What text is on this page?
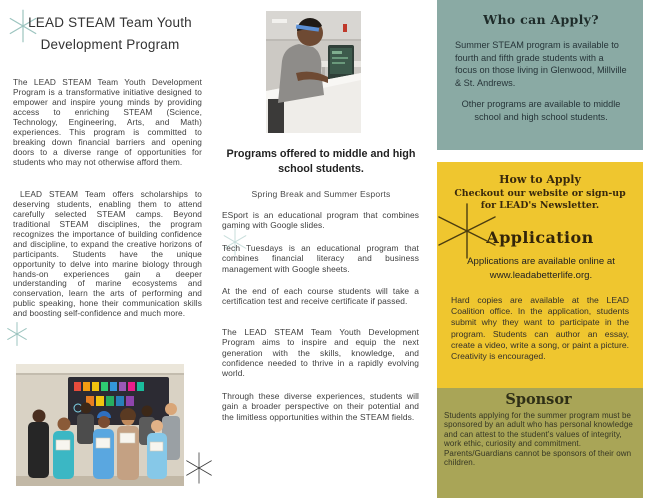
LEAD STEAM Team Youth
Development Program

The LEAD STEAM Team Youth Development Program is a transformative initiative designed to empower and inspire young minds by providing access to enriching STEAM (Science, Technology, Engineering, Arts, and Math) experiences. This program is committed to breaking down financial barriers and opening doors to a diverse range of opportunities for students who may not otherwise afford them.

LEAD STEAM Team offers scholarships to deserving students, enabling them to attend carefully selected STEAM camps. Beyond traditional STEAM disciplines, the program recognizes the importance of building confidence and discipline, to expand the creative horizons of participants. Students have the unique opportunity to delve into marine biology through hands-on experiences gain a deeper understanding of marine ecosystems and conservation, learn the arts of performing and public speaking, hone their communication skills and boosting self-confidence and much more.

Programs offered to middle and high school students.
Spring Break and Summer Esports

ESport is an educational program that combines gaming with Google slides.

Tech Tuesdays is an educational program that combines financial literacy and business management with Google sheets.

At the end of each course students will take a certification test and receive certificate if passed.

The LEAD STEAM Team Youth Development Program aims to inspire and equip the next generation with the skills, knowledge, and confidence needed to thrive in a rapidly evolving world.

Through these diverse experiences, students will gain a broader perspective on their potential and the limitless opportunities within the STEAM fields.

Who can Apply?
Summer STEAM program is available to fourth and fifth grade students with a focus on those living in Glenwood, Millville & St. Andrews.
Other programs are available to middle school and high school students.
How to Apply
Checkout our website or sign-up for LEAD's Newsletter.
Application
Applications are available online at www.leadabetterlife.org.
Hard copies are available at the LEAD Coalition office. In the application, students submit why they want to participate in the program. Students can author an essay, create a video, write a song, or paint a picture. Creativity is encouraged.
Sponsor
Students applying for the summer program must be sponsored by an adult who has personal knowledge and can attest to the student's values of integrity, work ethic, curiosity and commitment. Parents/Guardians cannot be sponsors of their own children.
